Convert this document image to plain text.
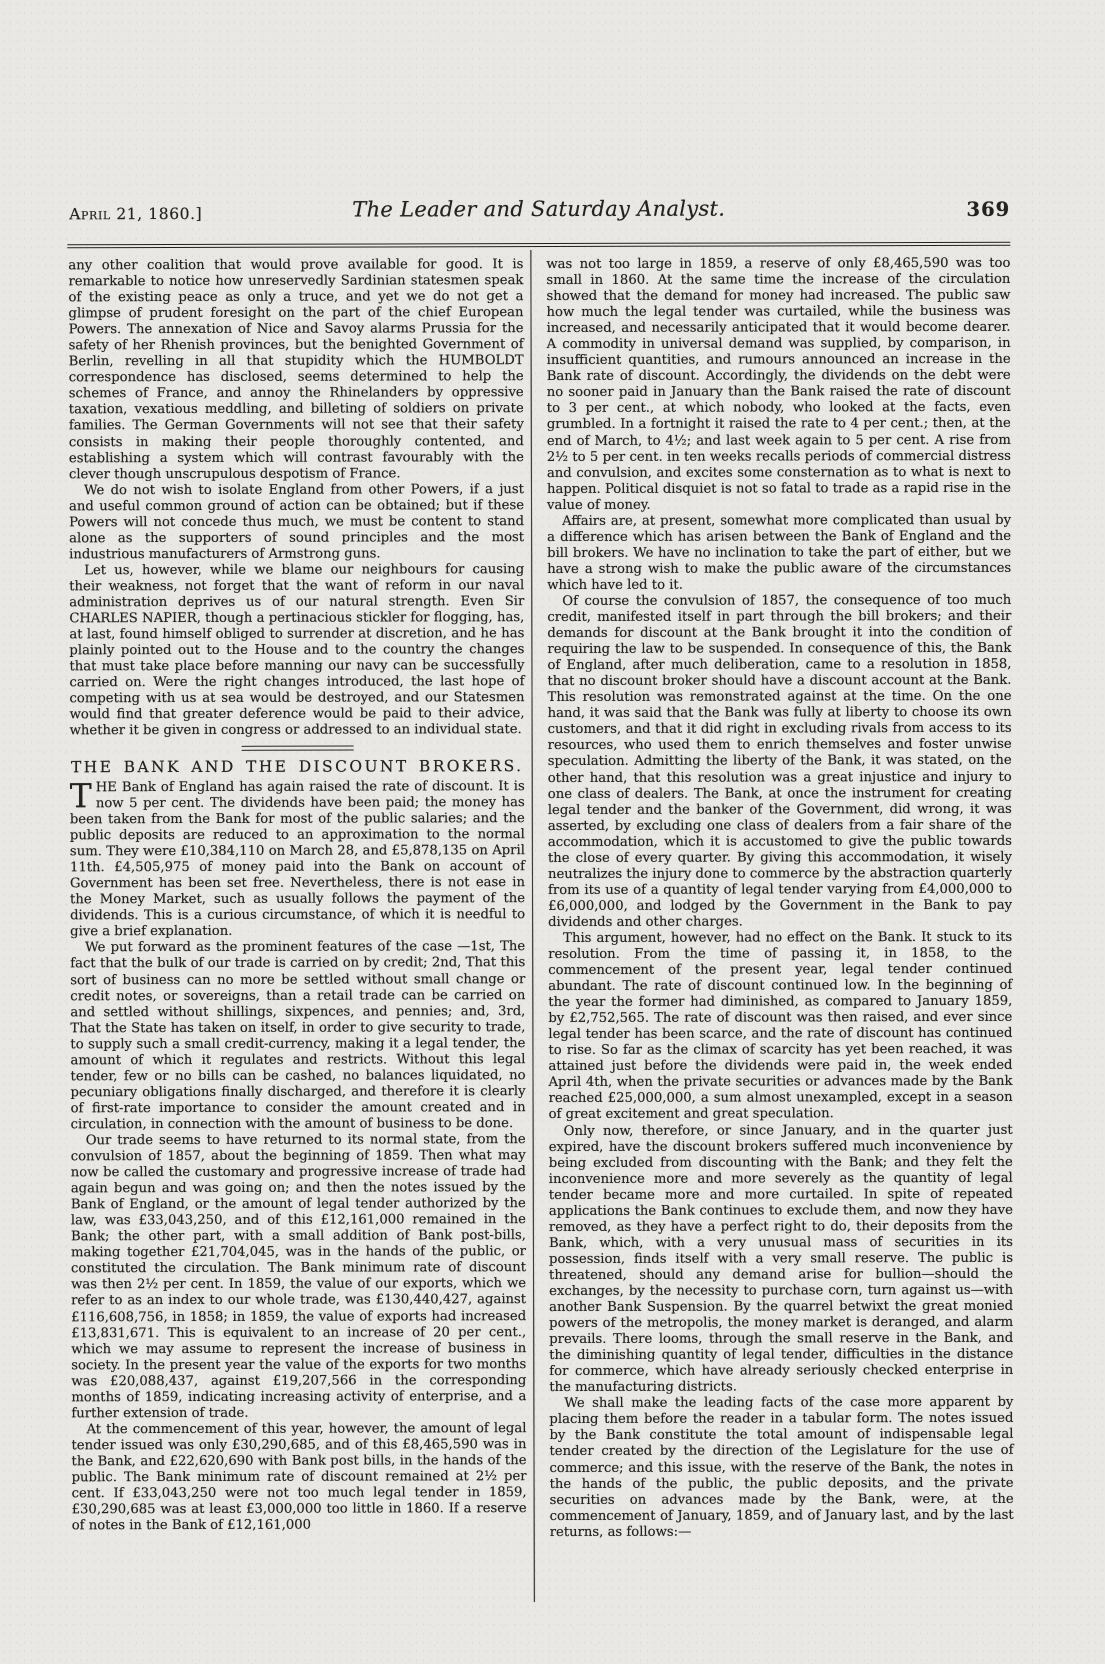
April 21, 1860.]	The Leader and Saturday Analyst.	369

any other coalition that would prove available for good. It is remarkable to notice how unreservedly Sardinian statesmen speak of the existing peace as only a truce, and yet we do not get a glimpse of prudent foresight on the part of the chief European Powers. The annexation of Nice and Savoy alarms Prussia for the safety of her Rhenish provinces, but the benighted Government of Berlin, revelling in all that stupidity which the HUMBOLDT correspondence has disclosed, seems determined to help the schemes of France, and annoy the Rhinelanders by oppressive taxation, vexatious meddling, and billeting of soldiers on private families. The German Governments will not see that their safety consists in making their people thoroughly contented, and establishing a system which will contrast favourably with the clever though unscrupulous despotism of France.

We do not wish to isolate England from other Powers, if a just and useful common ground of action can be obtained; but if these Powers will not concede thus much, we must be content to stand alone as the supporters of sound principles and the most industrious manufacturers of Armstrong guns.

Let us, however, while we blame our neighbours for causing their weakness, not forget that the want of reform in our naval administration deprives us of our natural strength. Even Sir CHARLES NAPIER, though a pertinacious stickler for flogging, has, at last, found himself obliged to surrender at discretion, and he has plainly pointed out to the House and to the country the changes that must take place before manning our navy can be successfully carried on. Were the right changes introduced, the last hope of competing with us at sea would be destroyed, and our Statesmen would find that greater deference would be paid to their advice, whether it be given in congress or addressed to an individual state.

THE BANK AND THE DISCOUNT BROKERS.

THE Bank of England has again raised the rate of discount. It is now 5 per cent. The dividends have been paid; the money has been taken from the Bank for most of the public salaries; and the public deposits are reduced to an approximation to the normal sum. They were £10,384,110 on March 28, and £5,878,135 on April 11th. £4,505,975 of money paid into the Bank on account of Government has been set free. Nevertheless, there is not ease in the Money Market, such as usually follows the payment of the dividends. This is a curious circumstance, of which it is needful to give a brief explanation.

We put forward as the prominent features of the case —1st, The fact that the bulk of our trade is carried on by credit; 2nd, That this sort of business can no more be settled without small change or credit notes, or sovereigns, than a retail trade can be carried on and settled without shillings, sixpences, and pennies; and, 3rd, That the State has taken on itself, in order to give security to trade, to supply such a small credit-currency, making it a legal tender, the amount of which it regulates and restricts. Without this legal tender, few or no bills can be cashed, no balances liquidated, no pecuniary obligations finally discharged, and therefore it is clearly of first-rate importance to consider the amount created and in circulation, in connection with the amount of business to be done.

Our trade seems to have returned to its normal state, from the convulsion of 1857, about the beginning of 1859. Then what may now be called the customary and progressive increase of trade had again begun and was going on; and then the notes issued by the Bank of England, or the amount of legal tender authorized by the law, was £33,043,250, and of this £12,161,000 remained in the Bank; the other part, with a small addition of Bank post-bills, making together £21,704,045, was in the hands of the public, or constituted the circulation. The Bank minimum rate of discount was then 2½ per cent. In 1859, the value of our exports, which we refer to as an index to our whole trade, was £130,440,427, against £116,608,756, in 1858; in 1859, the value of exports had increased £13,831,671. This is equivalent to an increase of 20 per cent., which we may assume to represent the increase of business in society. In the present year the value of the exports for two months was £20,088,437, against £19,207,566 in the corresponding months of 1859, indicating increasing activity of enterprise, and a further extension of trade.

At the commencement of this year, however, the amount of legal tender issued was only £30,290,685, and of this £8,465,590 was in the Bank, and £22,620,690 with Bank post bills, in the hands of the public. The Bank minimum rate of discount remained at 2½ per cent. If £33,043,250 were not too much legal tender in 1859, £30,290,685 was at least £3,000,000 too little in 1860. If a reserve of notes in the Bank of £12,161,000

was not too large in 1859, a reserve of only £8,465,590 was too small in 1860. At the same time the increase of the circulation showed that the demand for money had increased. The public saw how much the legal tender was curtailed, while the business was increased, and necessarily anticipated that it would become dearer. A commodity in universal demand was supplied, by comparison, in insufficient quantities, and rumours announced an increase in the Bank rate of discount. Accordingly, the dividends on the debt were no sooner paid in January than the Bank raised the rate of discount to 3 per cent., at which nobody, who looked at the facts, even grumbled. In a fortnight it raised the rate to 4 per cent.; then, at the end of March, to 4½; and last week again to 5 per cent. A rise from 2½ to 5 per cent. in ten weeks recalls periods of commercial distress and convulsion, and excites some consternation as to what is next to happen. Political disquiet is not so fatal to trade as a rapid rise in the value of money.

Affairs are, at present, somewhat more complicated than usual by a difference which has arisen between the Bank of England and the bill brokers. We have no inclination to take the part of either, but we have a strong wish to make the public aware of the circumstances which have led to it.

Of course the convulsion of 1857, the consequence of too much credit, manifested itself in part through the bill brokers; and their demands for discount at the Bank brought it into the condition of requiring the law to be suspended. In consequence of this, the Bank of England, after much deliberation, came to a resolution in 1858, that no discount broker should have a discount account at the Bank. This resolution was remonstrated against at the time. On the one hand, it was said that the Bank was fully at liberty to choose its own customers, and that it did right in excluding rivals from access to its resources, who used them to enrich themselves and foster unwise speculation. Admitting the liberty of the Bank, it was stated, on the other hand, that this resolution was a great injustice and injury to one class of dealers. The Bank, at once the instrument for creating legal tender and the banker of the Government, did wrong, it was asserted, by excluding one class of dealers from a fair share of the accommodation, which it is accustomed to give the public towards the close of every quarter. By giving this accommodation, it wisely neutralizes the injury done to commerce by the abstraction quarterly from its use of a quantity of legal tender varying from £4,000,000 to £6,000,000, and lodged by the Government in the Bank to pay dividends and other charges.

This argument, however, had no effect on the Bank. It stuck to its resolution. From the time of passing it, in 1858, to the commencement of the present year, legal tender continued abundant. The rate of discount continued low. In the beginning of the year the former had diminished, as compared to January 1859, by £2,752,565. The rate of discount was then raised, and ever since legal tender has been scarce, and the rate of discount has continued to rise. So far as the climax of scarcity has yet been reached, it was attained just before the dividends were paid in, the week ended April 4th, when the private securities or advances made by the Bank reached £25,000,000, a sum almost unexampled, except in a season of great excitement and great speculation.

Only now, therefore, or since January, and in the quarter just expired, have the discount brokers suffered much inconvenience by being excluded from discounting with the Bank; and they felt the inconvenience more and more severely as the quantity of legal tender became more and more curtailed. In spite of repeated applications the Bank continues to exclude them, and now they have removed, as they have a perfect right to do, their deposits from the Bank, which, with a very unusual mass of securities in its possession, finds itself with a very small reserve. The public is threatened, should any demand arise for bullion—should the exchanges, by the necessity to purchase corn, turn against us—with another Bank Suspension. By the quarrel betwixt the great monied powers of the metropolis, the money market is deranged, and alarm prevails. There looms, through the small reserve in the Bank, and the diminishing quantity of legal tender, difficulties in the distance for commerce, which have already seriously checked enterprise in the manufacturing districts.

We shall make the leading facts of the case more apparent by placing them before the reader in a tabular form. The notes issued by the Bank constitute the total amount of indispensable legal tender created by the direction of the Legislature for the use of commerce; and this issue, with the reserve of the Bank, the notes in the hands of the public, the public deposits, and the private securities on advances made by the Bank, were, at the commencement of January, 1859, and of January last, and by the last returns, as follows:—
